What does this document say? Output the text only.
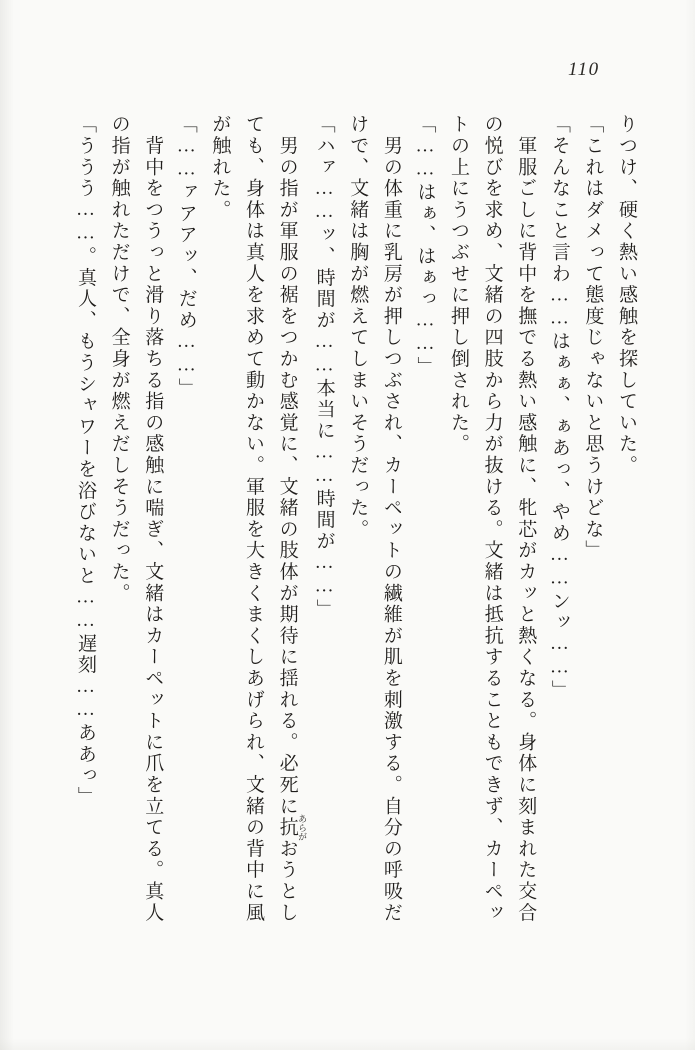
110

りつけ、硬く熱い感触を探していた。

「これはダメって態度じゃないと思うけどな」

「そんなこと言わ……はぁぁ、ぁあっ、やめ……ンッ……」

　軍服ごしに背中を撫でる熱い感触に、牝芯がカッと熱くなる。身体に刻まれた交合の悦びを求め、文緒の四肢から力が抜ける。文緒は抵抗することもできず、カーペットの上にうつぶせに押し倒された。

「……はぁ、はぁっ……」

　男の体重に乳房が押しつぶされ、カーペットの繊維が肌を刺激する。自分の呼吸だけで、文緒は胸が燃えてしまいそうだった。

「ハァ……ッ、時間が……本当に……時間が……」

　男の指が軍服の裾をつかむ感覚に、文緒の肢体が期待に揺れる。必死に抗 あらがおうとしても、身体は真人を求めて動かない。軍服を大きくまくしあげられ、文緒の背中に風が触れた。

「……ァアアッ、だめ……」

　背中をつうっと滑り落ちる指の感触に喘ぎ、文緒はカーペットに爪を立てる。真人の指が触れただけで、全身が燃えだしそうだった。

「ううう……。真人、もうシャワーを浴びないと……遅刻……ああっ」
